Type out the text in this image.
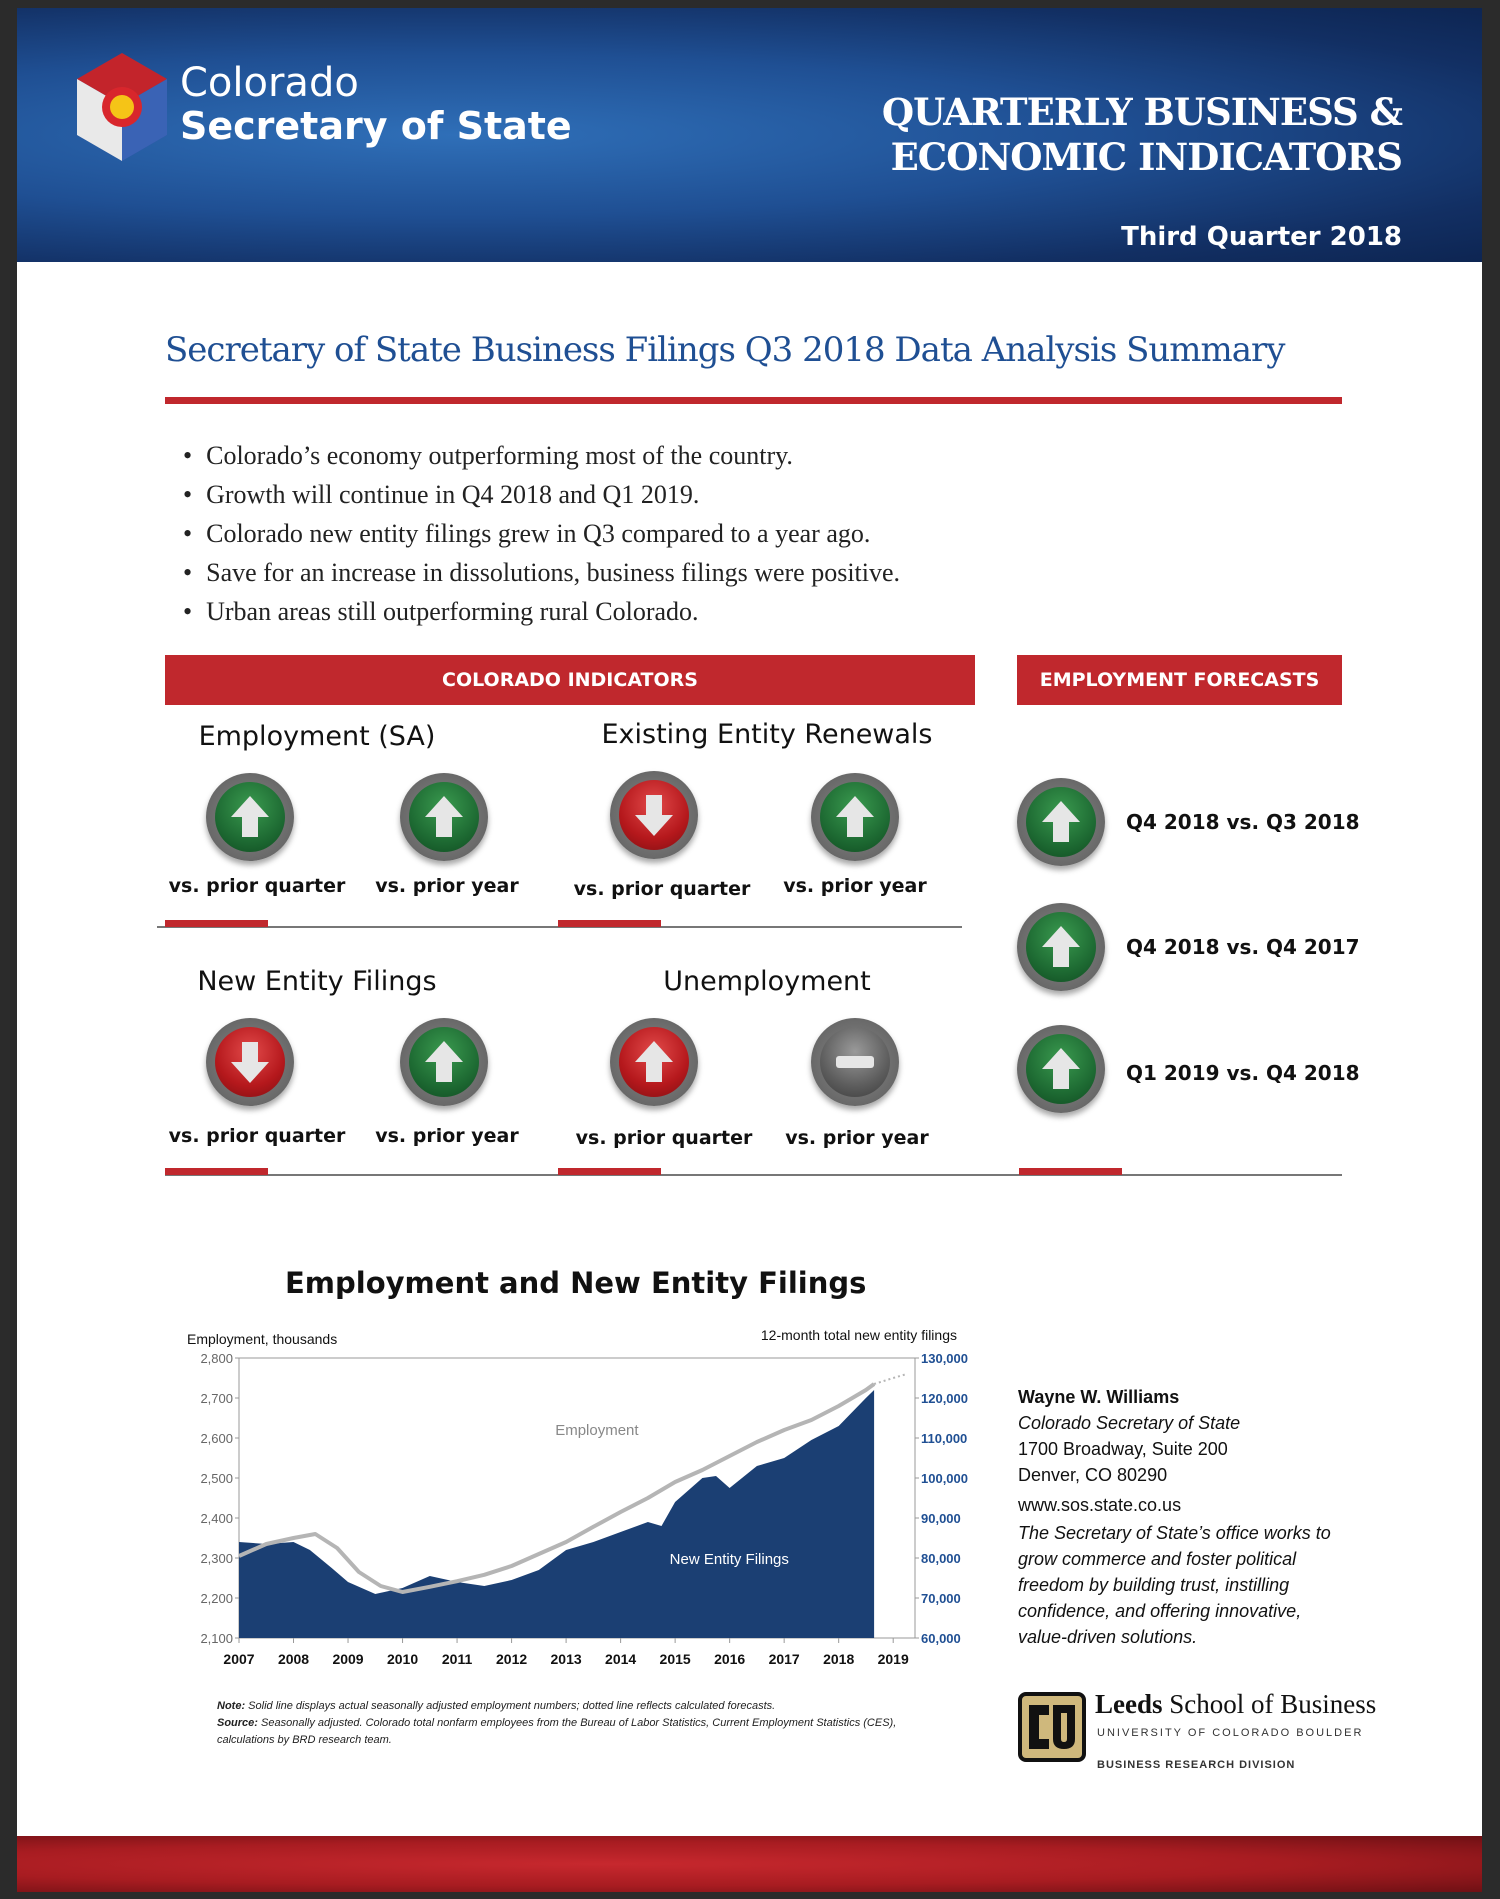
Colorado
Secretary of State	QUARTERLY BUSINESS &
ECONOMIC INDICATORS
Third Quarter 2018
Secretary of State Business Filings Q3 2018 Data Analysis Summary
• Colorado’s economy outperforming most of the country.
• Growth will continue in Q4 2018 and Q1 2019.
• Colorado new entity filings grew in Q3 compared to a year ago.
• Save for an increase in dissolutions, business filings were positive.
• Urban areas still outperforming rural Colorado.
COLORADO INDICATORS	EMPLOYMENT FORECASTS
Employment (SA)	Existing Entity Renewals
New Entity Filings	Unemployment
vs. prior quarter	vs. prior year	vs. prior quarter	vs. prior year
vs. prior quarter	vs. prior year	vs. prior quarter	vs. prior year
Q4 2018 vs. Q3 2018
Q4 2018 vs. Q4 2017
Q1 2019 vs. Q4 2018
Employment and New Entity Filings
Employment, thousands	12-month total new entity filings
2,100
2,200
2,300
2,400
2,500
2,600
2,700
2,800
60,000
70,000
80,000
90,000
100,000
110,000
120,000
130,000
2007 2008 2009 2010 2011 2012 2013 2014 2015 2016 2017 2018 2019
Employment
New Entity Filings
Note: Solid line displays actual seasonally adjusted employment numbers; dotted line reflects calculated forecasts.
Source: Seasonally adjusted. Colorado total nonfarm employees from the Bureau of Labor Statistics, Current Employment Statistics (CES), calculations by BRD research team.
Wayne W. Williams
Colorado Secretary of State
1700 Broadway, Suite 200
Denver, CO 80290
www.sos.state.co.us
The Secretary of State’s office works to grow commerce and foster political freedom by building trust, instilling confidence, and offering innovative, value-driven solutions.
Leeds School of Business
UNIVERSITY OF COLORADO BOULDER
BUSINESS RESEARCH DIVISION
